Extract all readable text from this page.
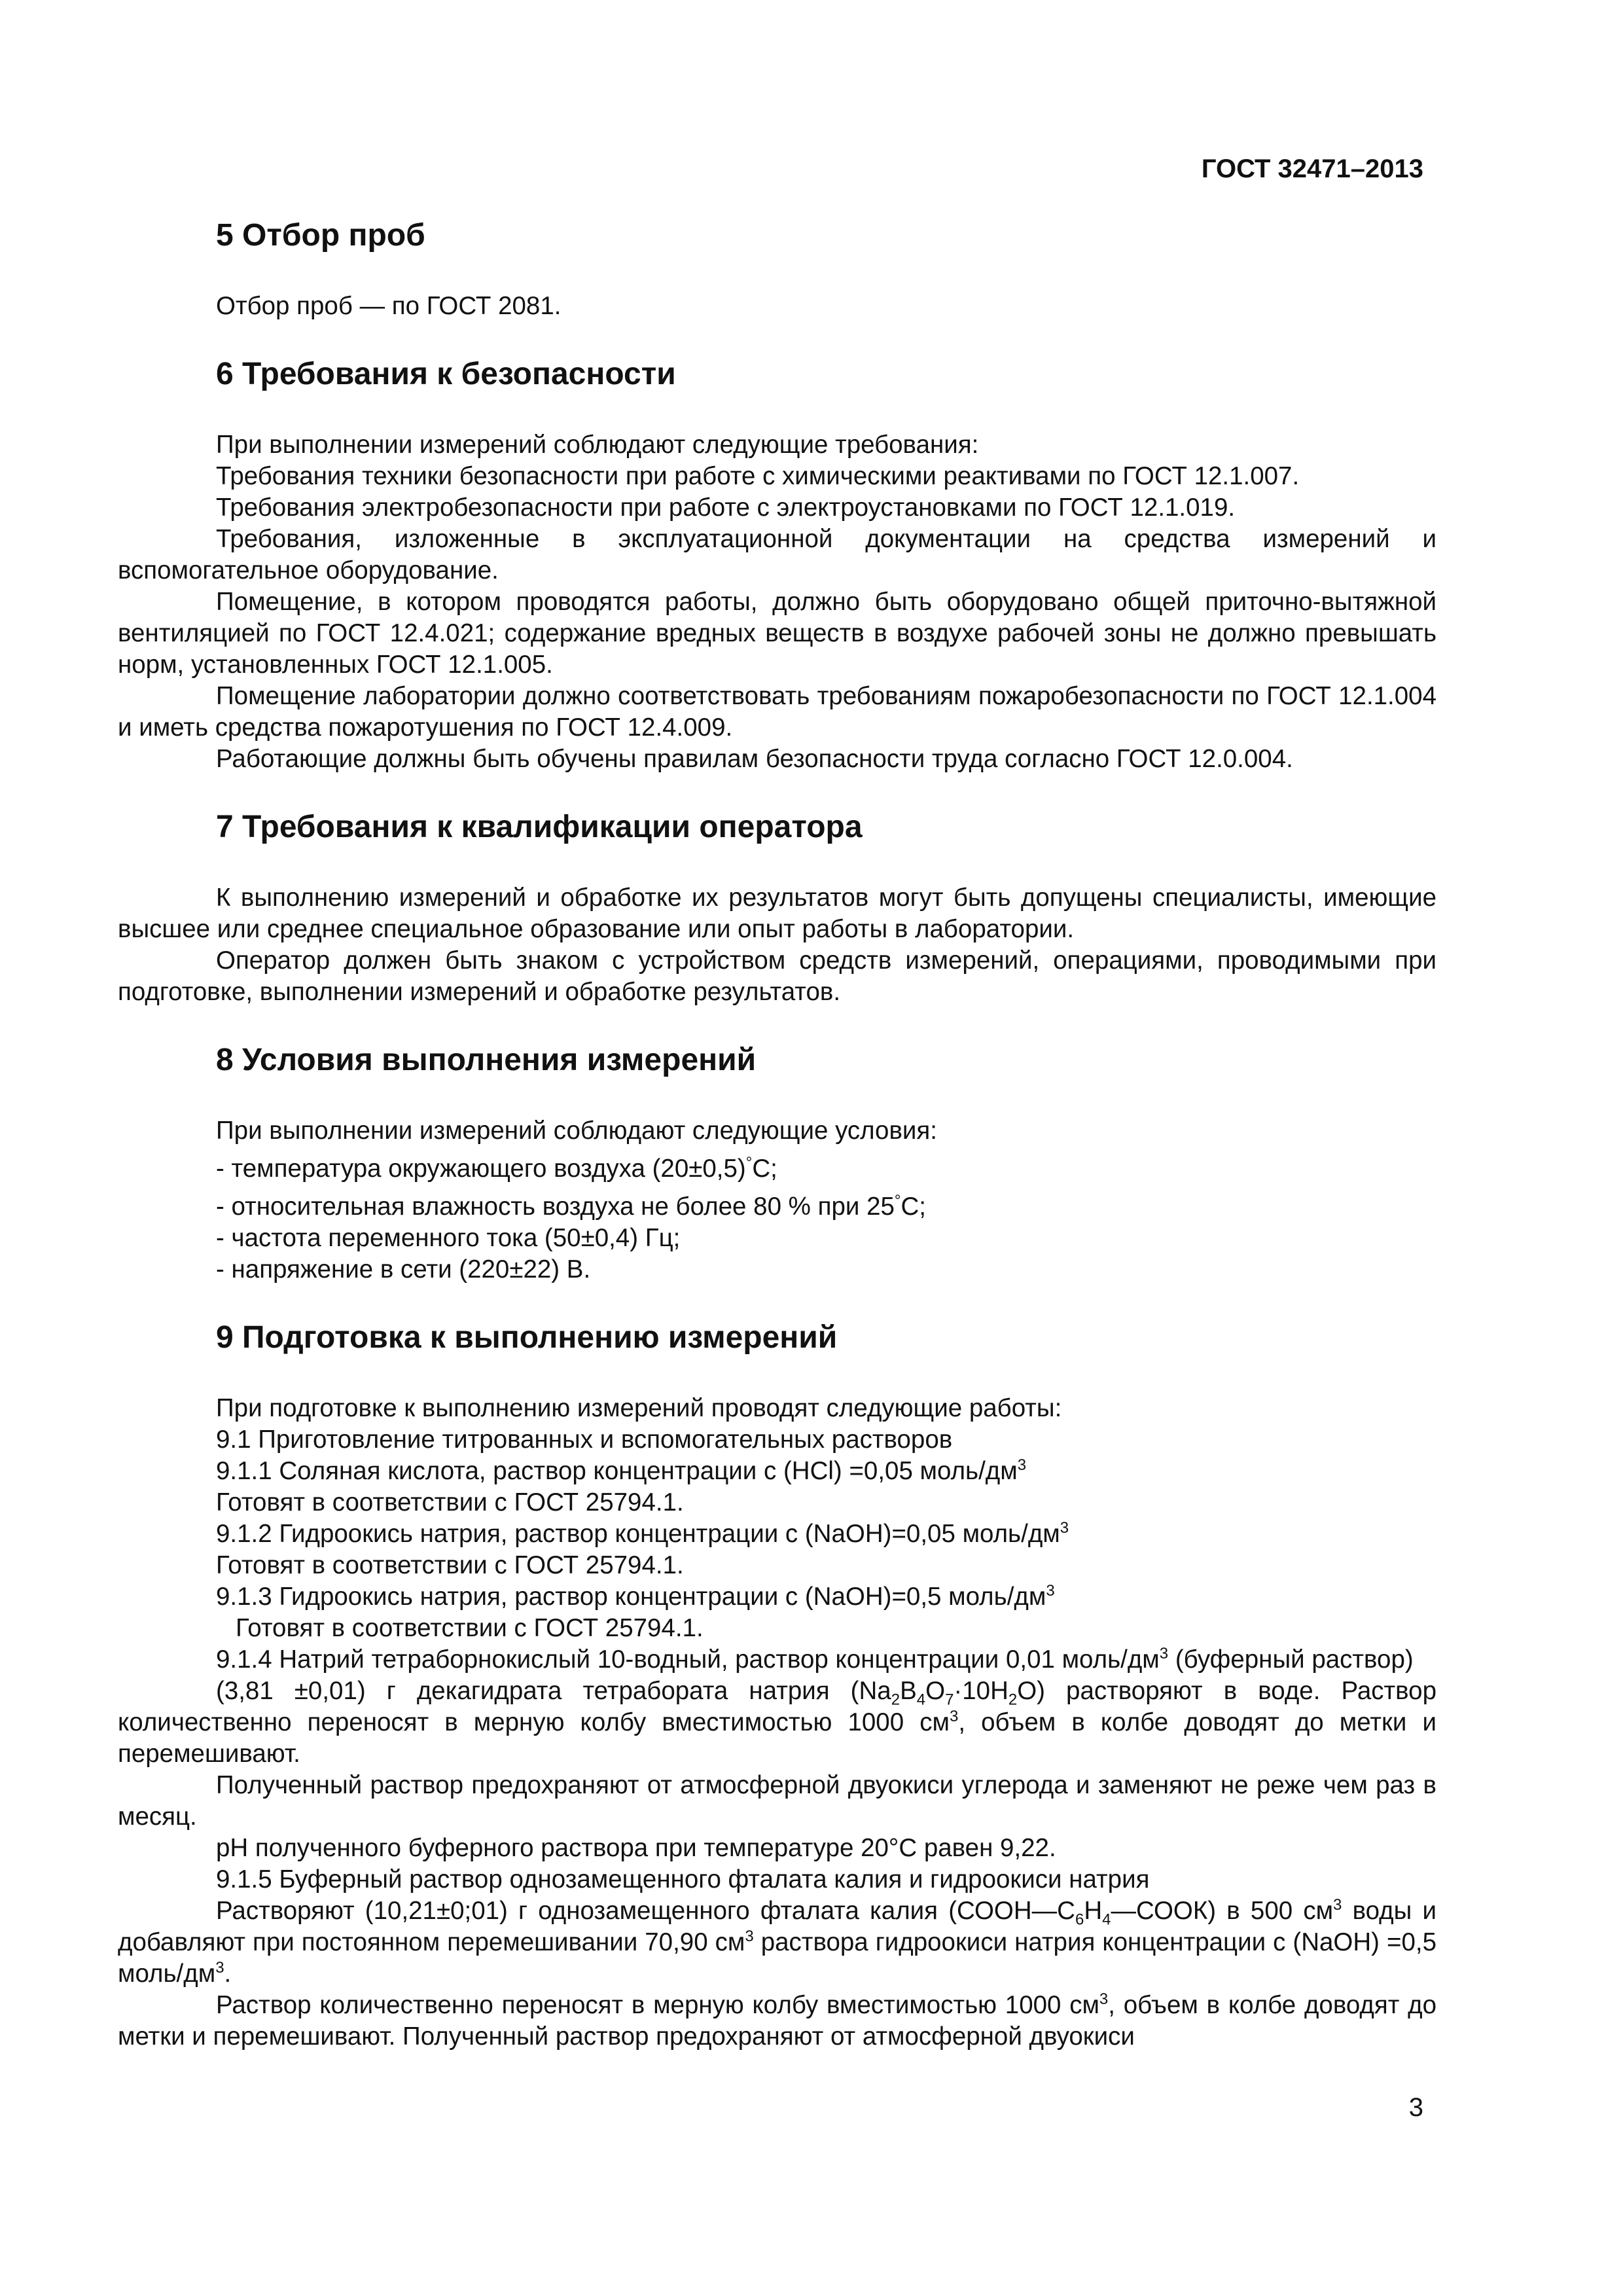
ГОСТ 32471–2013
5 Отбор проб

Отбор проб — по ГОСТ 2081.

6 Требования к безопасности

При выполнении измерений соблюдают следующие требования:

Требования техники безопасности при работе с химическими реактивами по ГОСТ 12.1.007.

Требования электробезопасности при работе с электроустановками по ГОСТ 12.1.019.

Требования, изложенные в эксплуатационной документации на средства измерений и вспомогательное оборудование.

Помещение, в котором проводятся работы, должно быть оборудовано общей приточно-вытяжной вентиляцией по ГОСТ 12.4.021; содержание вредных веществ в воздухе рабочей зоны не должно превышать норм, установленных ГОСТ 12.1.005.

Помещение лаборатории должно соответствовать требованиям пожаробезопасности по ГОСТ 12.1.004 и иметь средства пожаротушения по ГОСТ 12.4.009.

Работающие должны быть обучены правилам безопасности труда согласно ГОСТ 12.0.004.

7 Требования к квалификации оператора

К выполнению измерений и обработке их результатов могут быть допущены специалисты, имеющие высшее или среднее специальное образование или опыт работы в лаборатории.

Оператор должен быть знаком с устройством средств измерений, операциями, проводимыми при подготовке, выполнении измерений и обработке результатов.

8 Условия выполнения измерений

При выполнении измерений соблюдают следующие условия:

- температура окружающего воздуха (20±0,5)°С;

- относительная влажность воздуха не более 80 % при 25°С;

- частота переменного тока (50±0,4) Гц;

- напряжение в сети (220±22) В.

9 Подготовка к выполнению измерений

При подготовке к выполнению измерений проводят следующие работы:

9.1 Приготовление титрованных и вспомогательных растворов

9.1.1 Соляная кислота, раствор концентрации с (HCl) =0,05 моль/$дм^3$

Готовят в соответствии с ГОСТ 25794.1.

9.1.2 Гидроокись натрия, раствор концентрации с (NaOH)=0,05 моль/$дм^3$

Готовят в соответствии с ГОСТ 25794.1.

9.1.3 Гидроокись натрия, раствор концентрации с (NaOH)=0,5 моль/$дм^3$

Готовят в соответствии с ГОСТ 25794.1.

9.1.4 Натрий тетраборнокислый 10-водный, раствор концентрации 0,01 моль/$дм^3$ (буферный раствор)

(3,81 ±0,01) г декагидрата тетрабората натрия $(Na_2B_4O_7\cdot 10H_2O)$ растворяют в воде. Раствор количественно переносят в мерную колбу вместимостью 1000 $см^3$, объем в колбе доводят до метки и перемешивают.

Полученный раствор предохраняют от атмосферной двуокиси углерода и заменяют не реже чем раз в месяц.

рН полученного буферного раствора при температуре 20°С равен 9,22.

9.1.5 Буферный раствор однозамещенного фталата калия и гидроокиси натрия

Растворяют (10,21±0;01) г однозамещенного фталата калия $(СООН—С_6Н_4—СООК)$ в 500 $см^3$ воды и добавляют при постоянном перемешивании 70,90 $см^3$ раствора гидроокиси натрия концентрации с (NaOH) =0,5 моль/$дм^3$.

Раствор количественно переносят в мерную колбу вместимостью 1000 $см^3$, объем в колбе доводят до метки и перемешивают. Полученный раствор предохраняют от атмосферной двуокиси

3
